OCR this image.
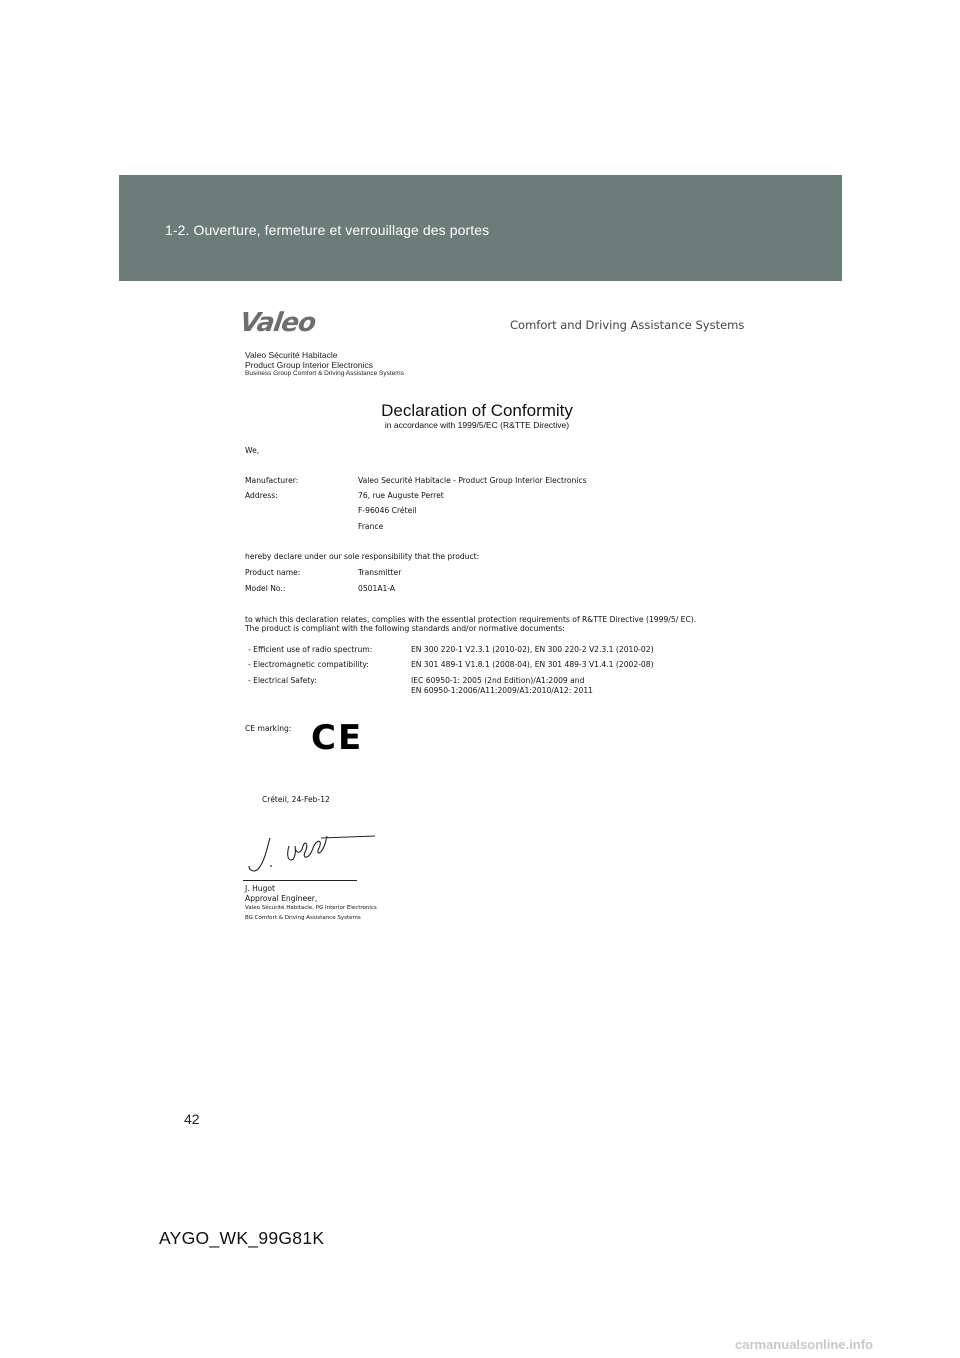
1-2. Ouverture, fermeture et verrouillage des portes
Valeo	Comfort and Driving Assistance Systems
Valeo Sécurité Habitacle
Product Group Interior Electronics
Business Group Comfort & Driving Assistance Systems
Declaration of Conformity
in accordance with 1999/5/EC (R&TTE Directive)
We,
Manufacturer:	Valeo Securité Habitacle - Product Group Interior Electronics
Address:	76, rue Auguste Perret
F-96046 Créteil
France
hereby declare under our sole responsibility that the product:
Product name:	Transmitter
Model No.:	0501A1-A
to which this declaration relates, complies with the essential protection requirements of R&TTE Directive (1999/5/ EC).
The product is compliant with the following standards and/or normative documents:
- Efficient use of radio spectrum:	EN 300 220-1 V2.3.1 (2010-02), EN 300 220-2 V2.3.1 (2010-02)
- Electromagnetic compatibility:	EN 301 489-1 V1.8.1 (2008-04), EN 301 489-3 V1.4.1 (2002-08)
- Electrical Safety:	IEC 60950-1: 2005 (2nd Edition)/A1:2009 and
EN 60950-1:2006/A11:2009/A1:2010/A12: 2011
CE marking: CE
Créteil, 24-Feb-12
J. Hugot
Approval Engineer,
Valeo Sécurité Habitacle, PG Interior Electronics
BG Comfort & Driving Assistance Systems
42
AYGO_WK_99G81K
carmanualsonline.info
